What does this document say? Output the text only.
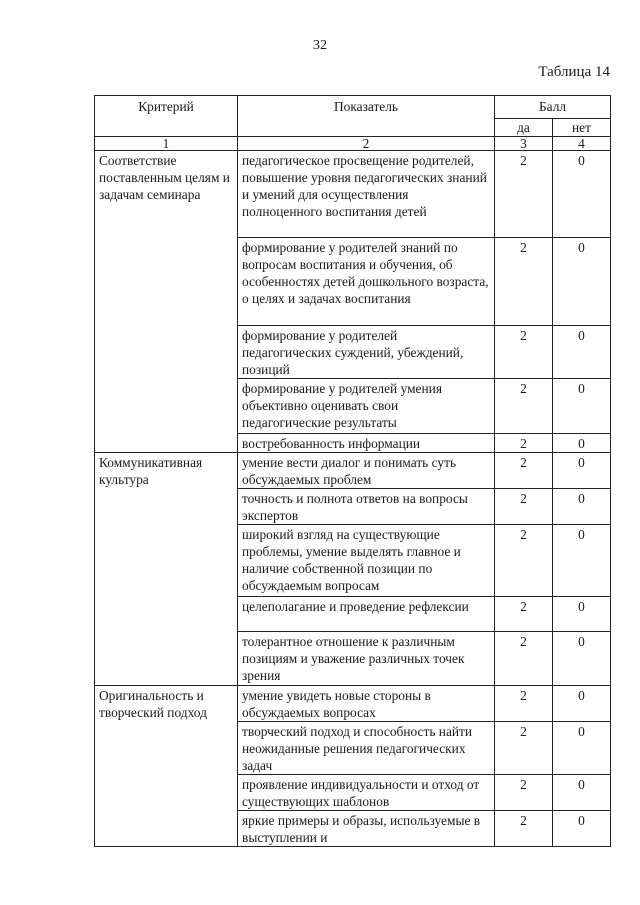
32
Таблица 14
Критерий	Показатель	Балл	
		да	нет
1	2	3	4
Соответствие поставленным целям и задачам семинара	педагогическое просвещение родителей, повышение уровня педагогических знаний и умений для осуществления полноценного воспитания детей	2	0
	формирование у родителей знаний по вопросам воспитания и обучения, об особенностях детей дошкольного возраста, о целях и задачах воспитания	2	0
	формирование у родителей педагогических суждений, убеждений, позиций	2	0
	формирование у родителей умения объективно оценивать свои педагогические результаты	2	0
	востребованность информации	2	0
Коммуникативная культура	умение вести диалог и понимать суть обсуждаемых проблем	2	0
	точность и полнота ответов на вопросы экспертов	2	0
	широкий взгляд на существующие проблемы, умение выделять главное и наличие собственной позиции по обсуждаемым вопросам	2	0
	целеполагание и проведение рефлексии	2	0
	толерантное отношение к различным позициям и уважение различных точек зрения	2	0
Оригинальность и творческий подход	умение увидеть новые стороны в обсуждаемых вопросах	2	0
	творческий подход и способность найти неожиданные решения педагогических задач	2	0
	проявление индивидуальности и отход от существующих шаблонов	2	0
	яркие примеры и образы, используемые в выступлении и	2	0
